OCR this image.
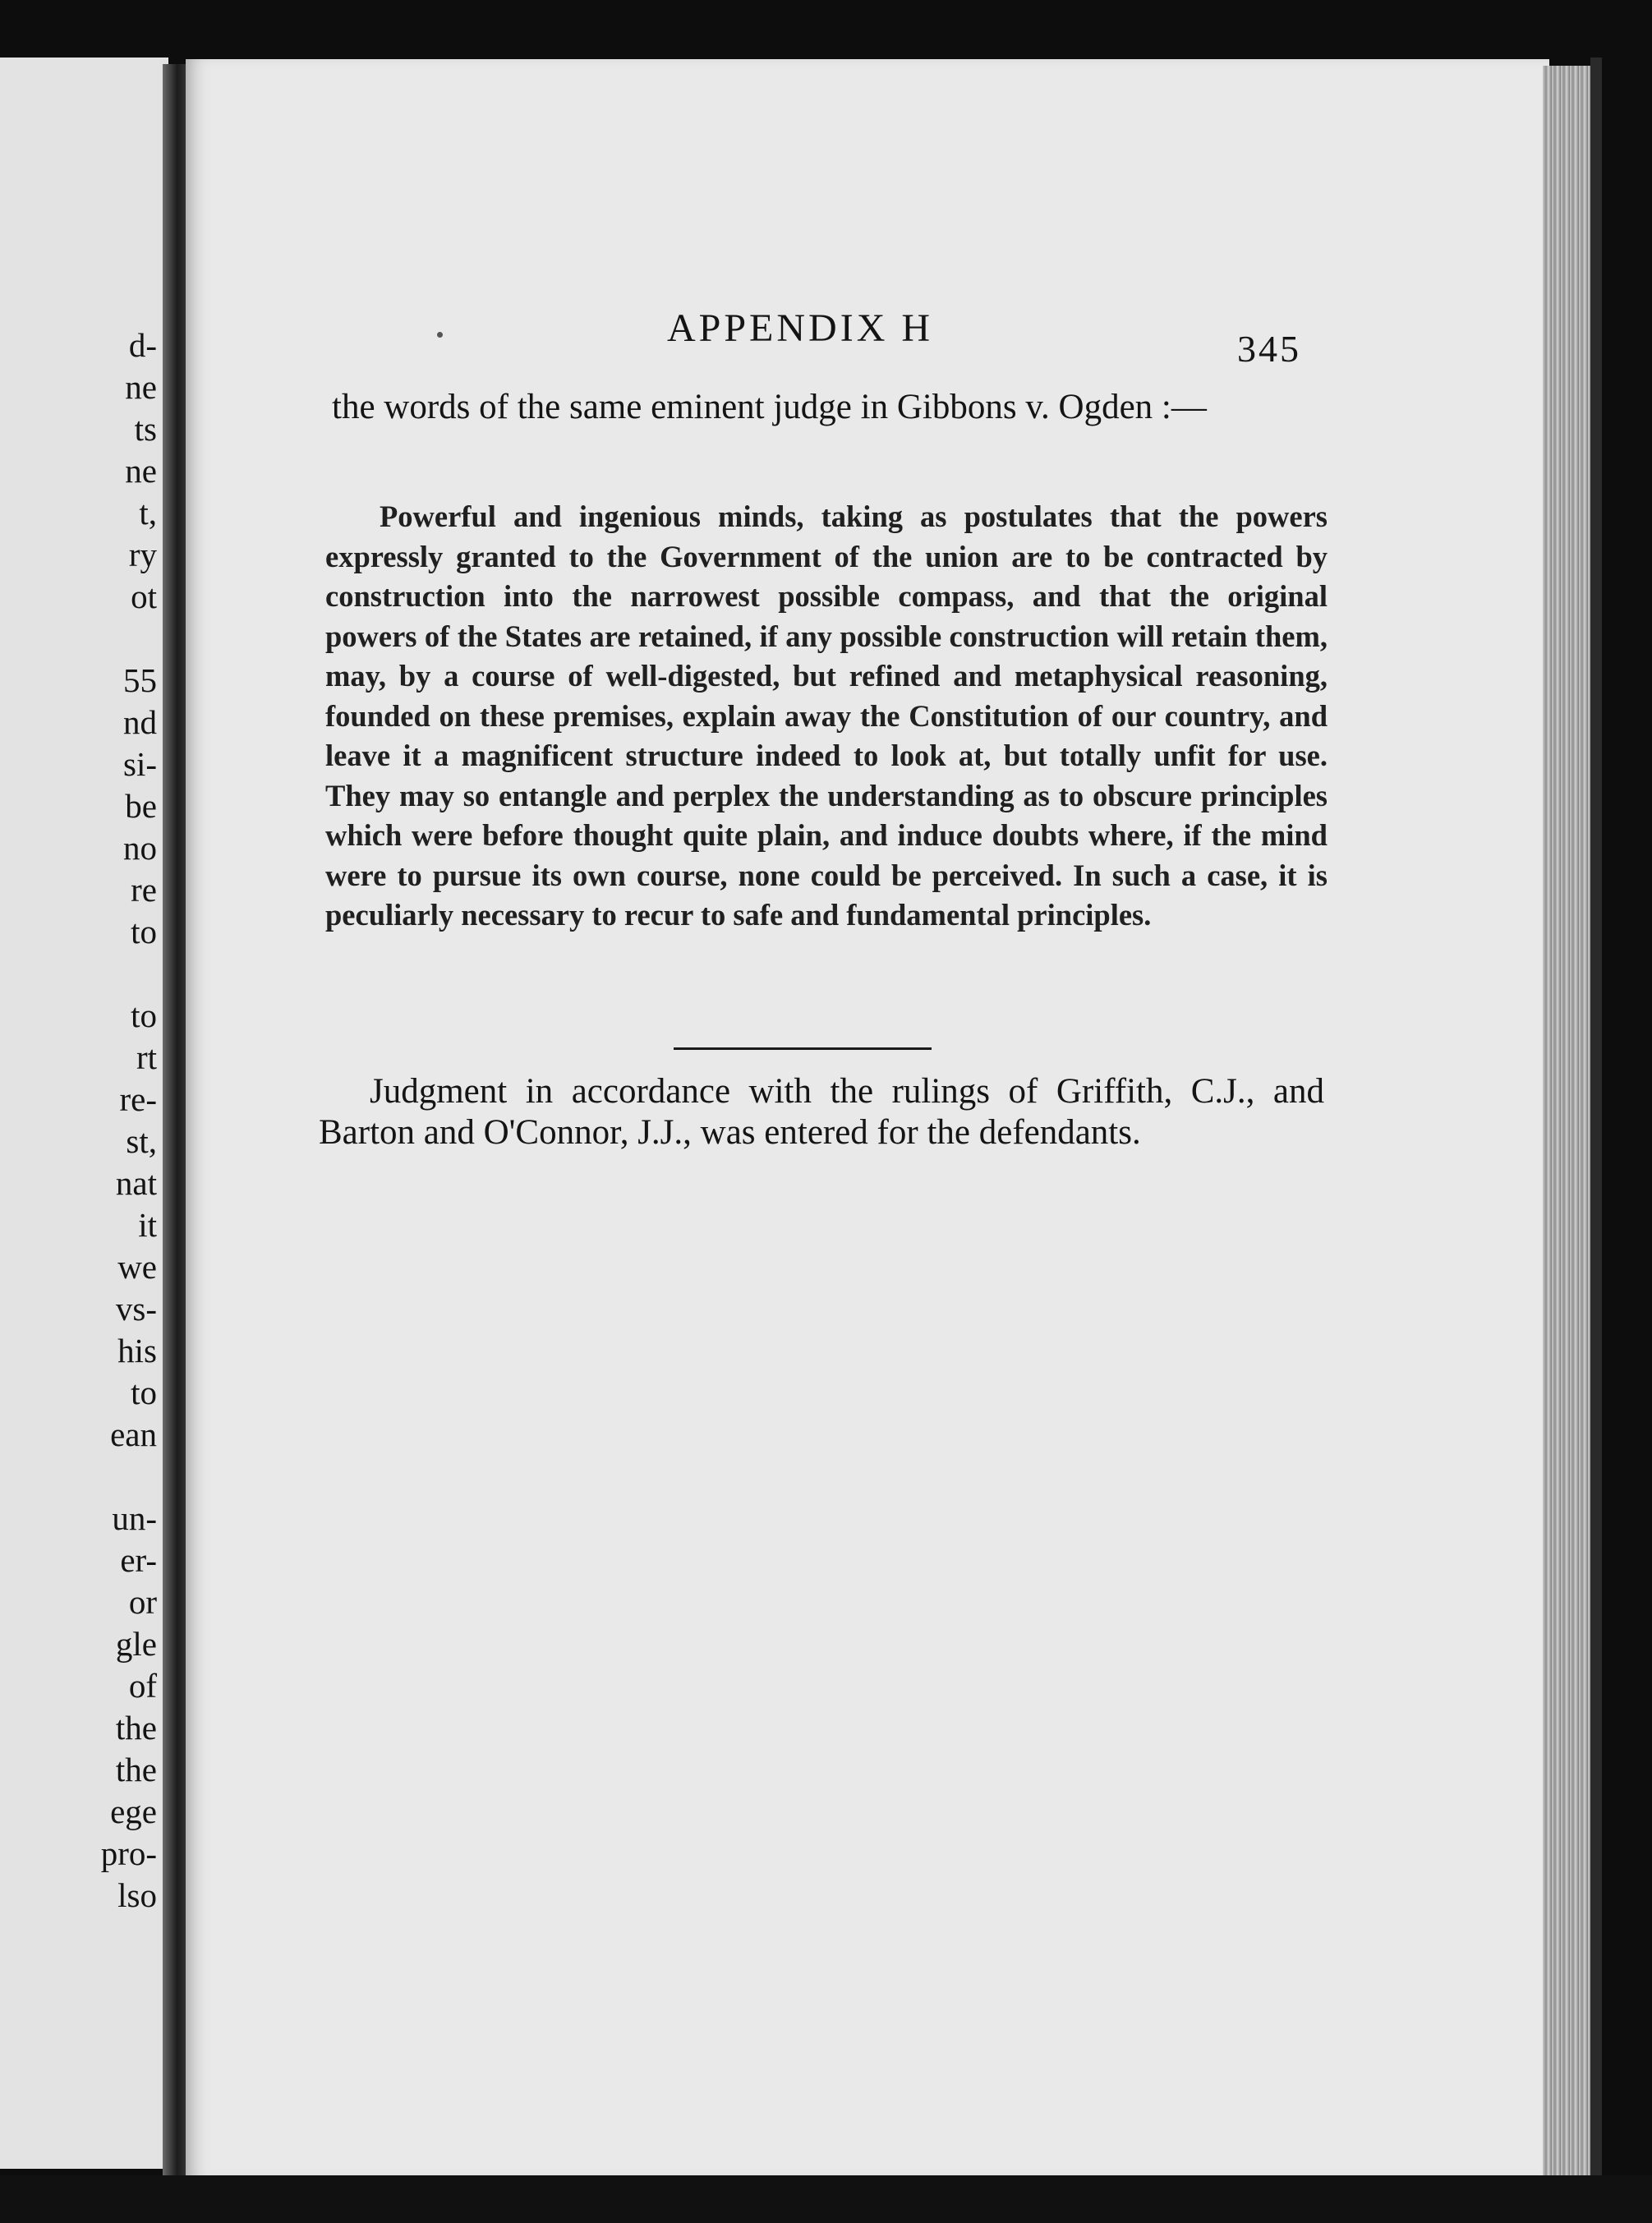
d-
ne
ts
ne
t,
ry
ot
55
nd
si-
be
no
re
to
to
rt
re-
st,
nat
it
we
vs-
his
to
ean
un-
er-
or
gle
of
the
the
ege
pro-
lso
APPENDIX H	345

the words of the same eminent judge in Gibbons v. Ogden :—

Powerful and ingenious minds, taking as postulates that the powers expressly granted to the Government of the union are to be contracted by construction into the narrowest possible compass, and that the original powers of the States are retained, if any possible construction will retain them, may, by a course of well-digested, but refined and metaphysical reasoning, founded on these premises, explain away the Constitution of our country, and leave it a magnificent structure indeed to look at, but totally unfit for use. They may so entangle and perplex the understanding as to obscure principles which were before thought quite plain, and induce doubts where, if the mind were to pursue its own course, none could be perceived. In such a case, it is peculiarly necessary to recur to safe and fundamental principles.

Judgment in accordance with the rulings of Griffith, C.J., and Barton and O'Connor, J.J., was entered for the defendants.
